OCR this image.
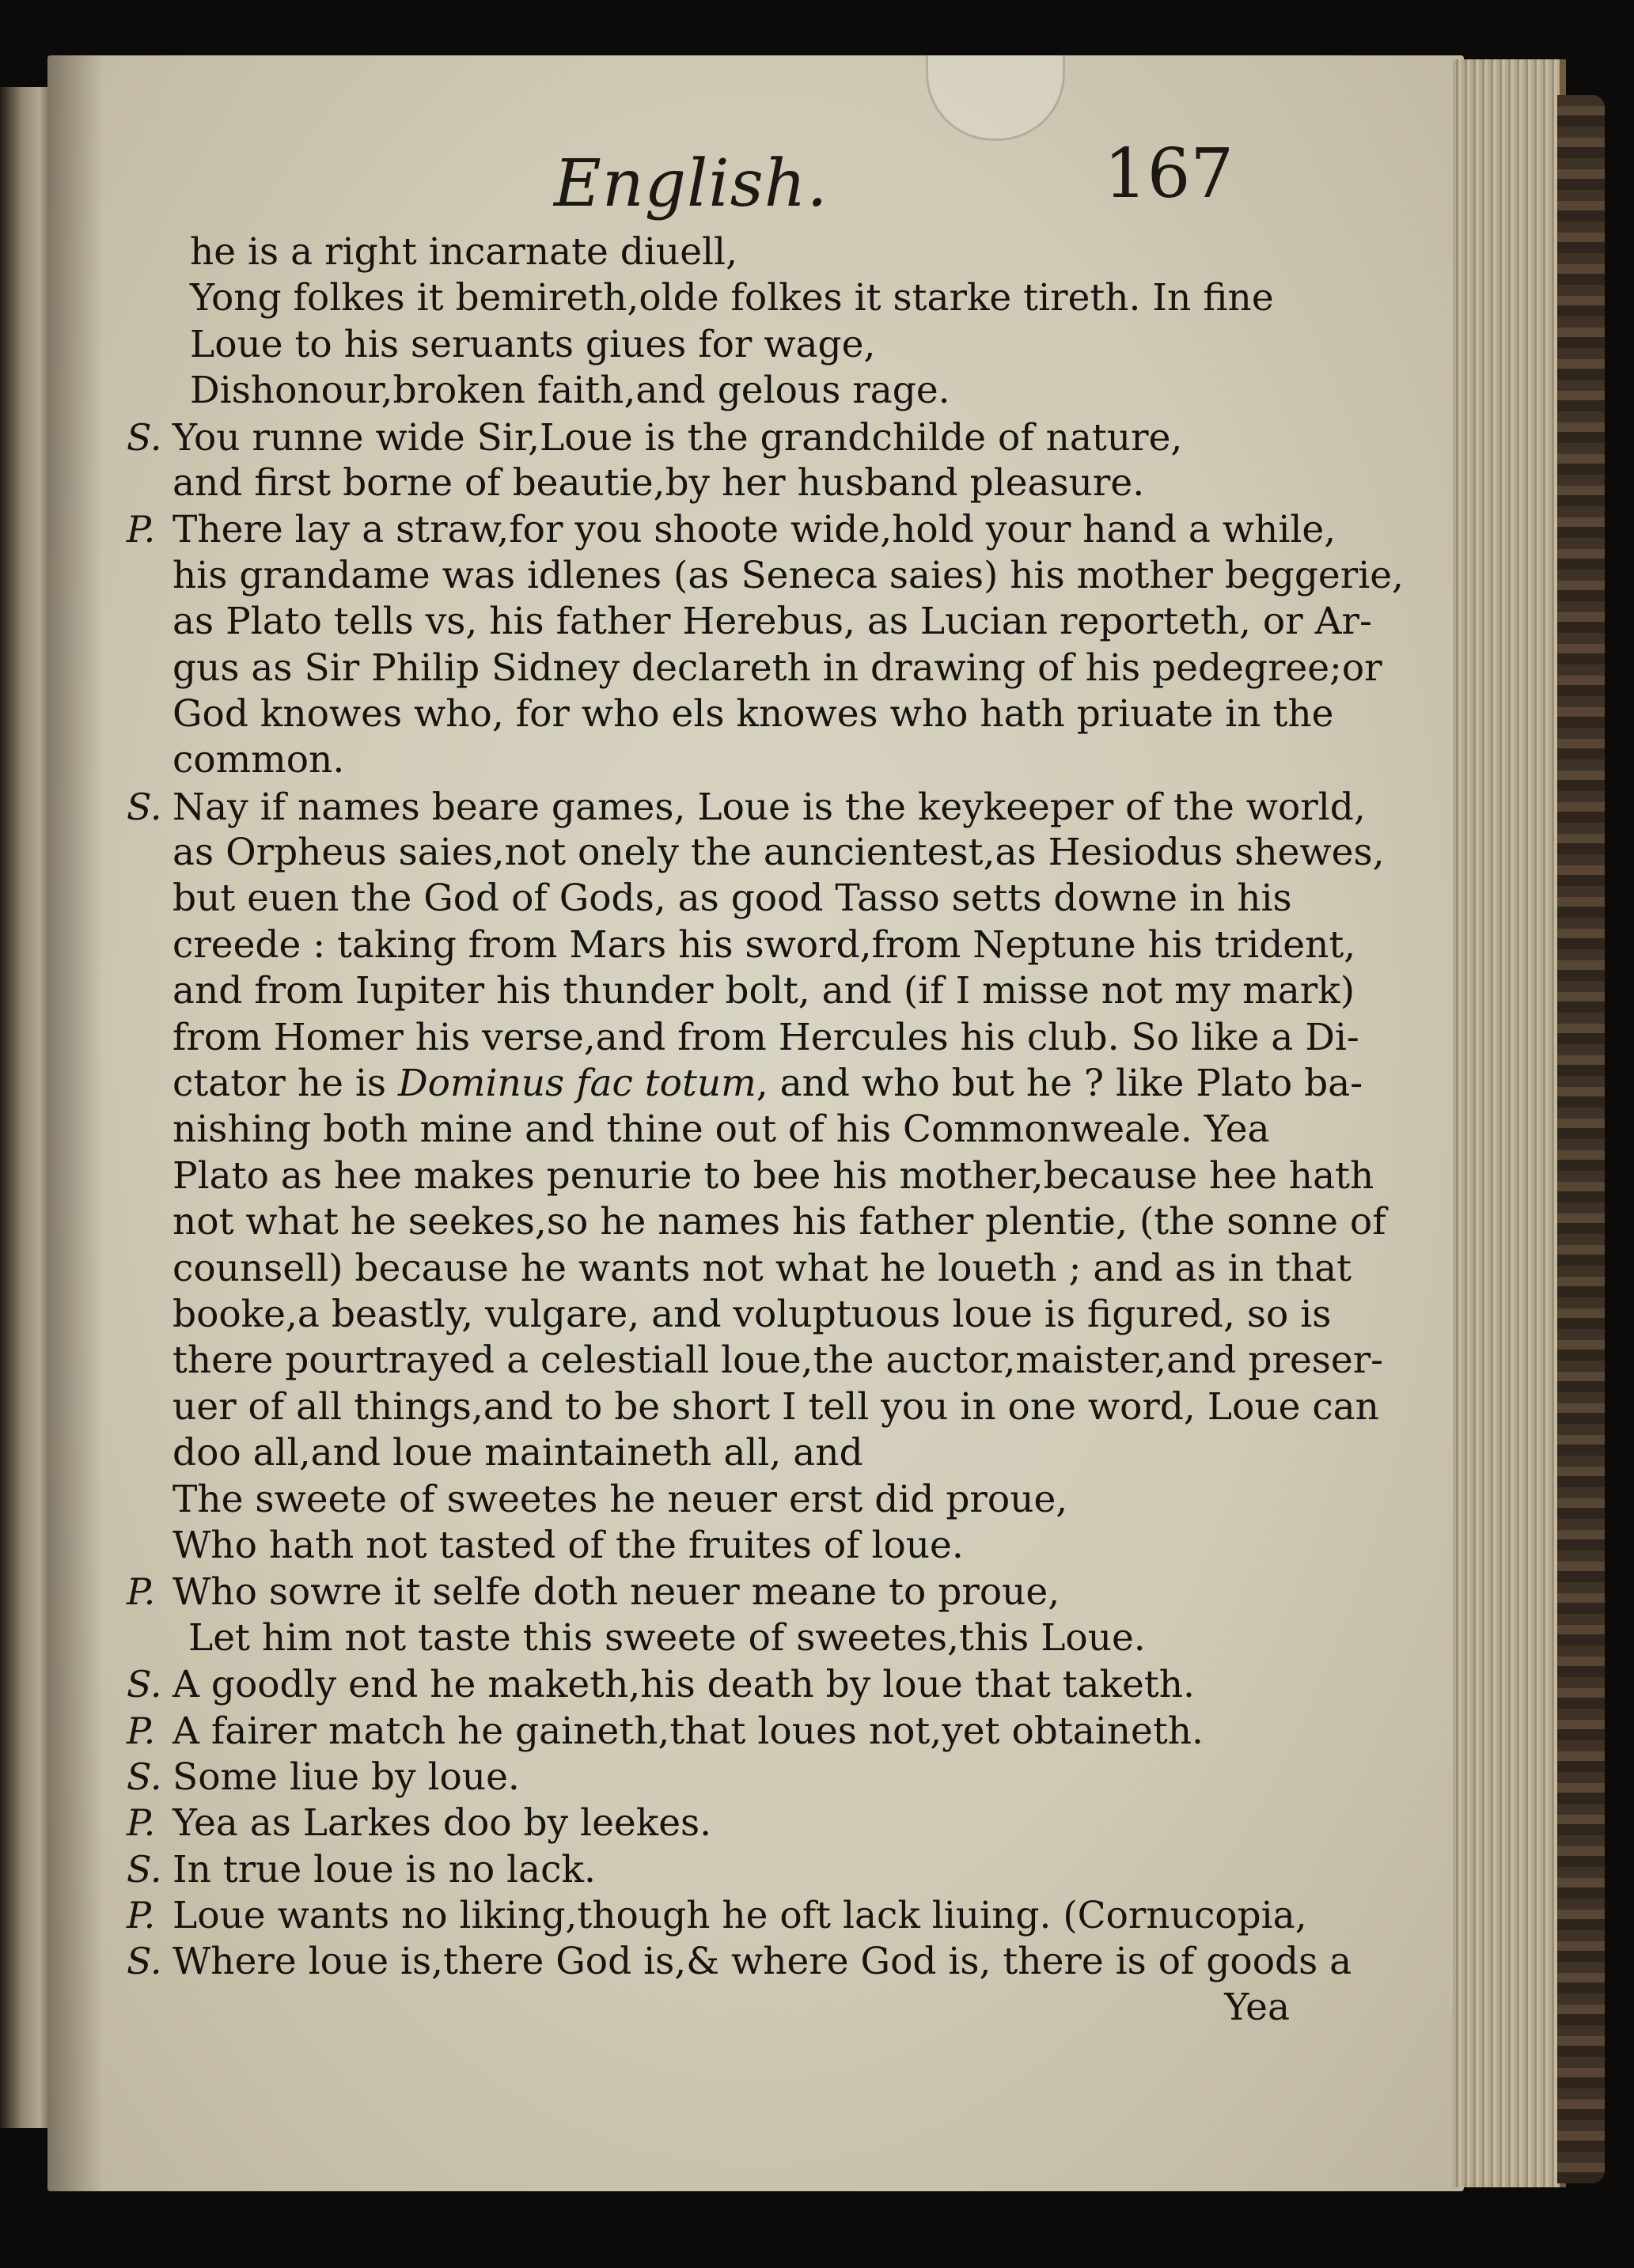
English.	167
he is a right incarnate diuell,
Yong folkes it bemireth,olde folkes it starke tireth. In fine
Loue to his seruants giues for wage,
Dishonour,broken faith,and gelous rage.
S. You runne wide Sir,Loue is the grandchilde of nature,
and first borne of beautie,by her husband pleasure.
P. There lay a straw,for you shoote wide,hold your hand a while,
his grandame was idlenes (as Seneca saies) his mother beggerie,
as Plato tells vs, his father Herebus, as Lucian reporteth, or Ar-
gus as Sir Philip Sidney declareth in drawing of his pedegree;or
God knowes who, for who els knowes who hath priuate in the
common.
S. Nay if names beare games, Loue is the keykeeper of the world,
as Orpheus saies,not onely the auncientest,as Hesiodus shewes,
but euen the God of Gods, as good Tasso setts downe in his
creede : taking from Mars his sword,from Neptune his trident,
and from Iupiter his thunder bolt, and (if I misse not my mark)
from Homer his verse,and from Hercules his club. So like a Di-
ctator he is Dominus fac totum, and who but he ? like Plato ba-
nishing both mine and thine out of his Commonweale. Yea
Plato as hee makes penurie to bee his mother,because hee hath
not what he seekes,so he names his father plentie, (the sonne of
counsell) because he wants not what he loueth ; and as in that
booke,a beastly, vulgare, and voluptuous loue is figured, so is
there pourtrayed a celestiall loue,the auctor,maister,and preser-
uer of all things,and to be short I tell you in one word, Loue can
doo all,and loue maintaineth all, and
The sweete of sweetes he neuer erst did proue,
Who hath not tasted of the fruites of loue.
P. Who sowre it selfe doth neuer meane to proue,
Let him not taste this sweete of sweetes,this Loue.
S. A goodly end he maketh,his death by loue that taketh.
P. A fairer match he gaineth,that loues not,yet obtaineth.
S. Some liue by loue.
P. Yea as Larkes doo by leekes.
S. In true loue is no lack.
P. Loue wants no liking,though he oft lack liuing. (Cornucopia,
S. Where loue is,there God is,& where God is, there is of goods a
Yea
